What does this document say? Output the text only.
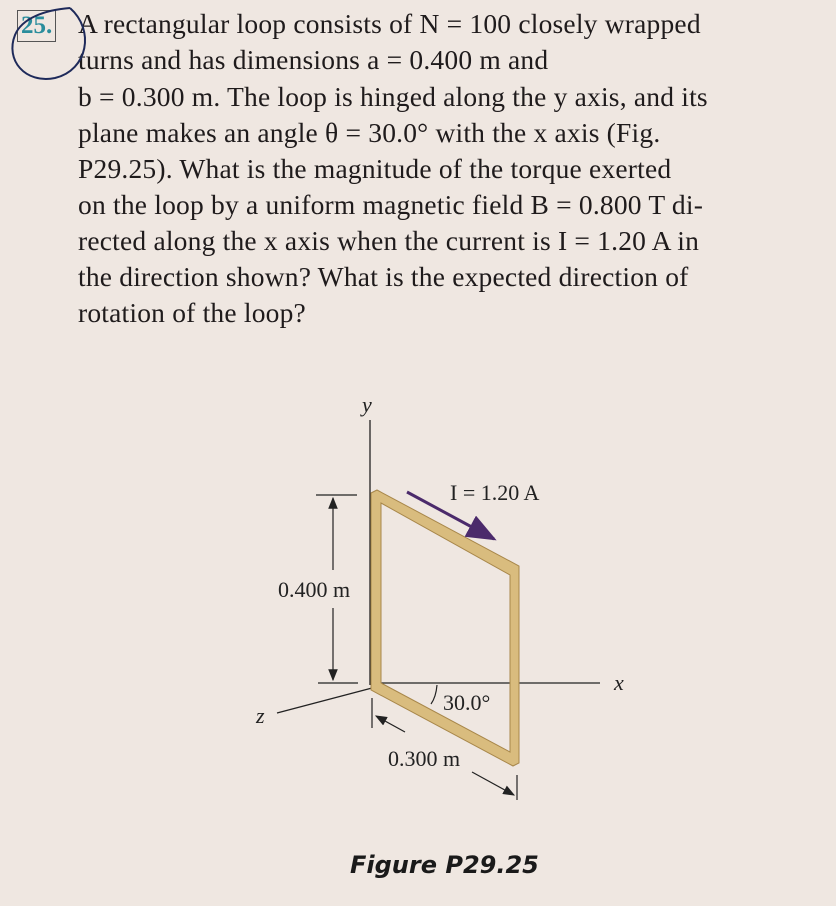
25. A rectangular loop consists of N = 100 closely wrapped
turns and has dimensions a = 0.400 m and
b = 0.300 m. The loop is hinged along the y axis, and its
plane makes an angle θ = 30.0° with the x axis (Fig.
P29.25). What is the magnitude of the torque exerted
on the loop by a uniform magnetic field B = 0.800 T di-
rected along the x axis when the current is I = 1.20 A in
the direction shown? What is the expected direction of
rotation of the loop?
y
x
z
0.400 m
I = 1.20 A
30.0°
0.300 m
Figure P29.25
